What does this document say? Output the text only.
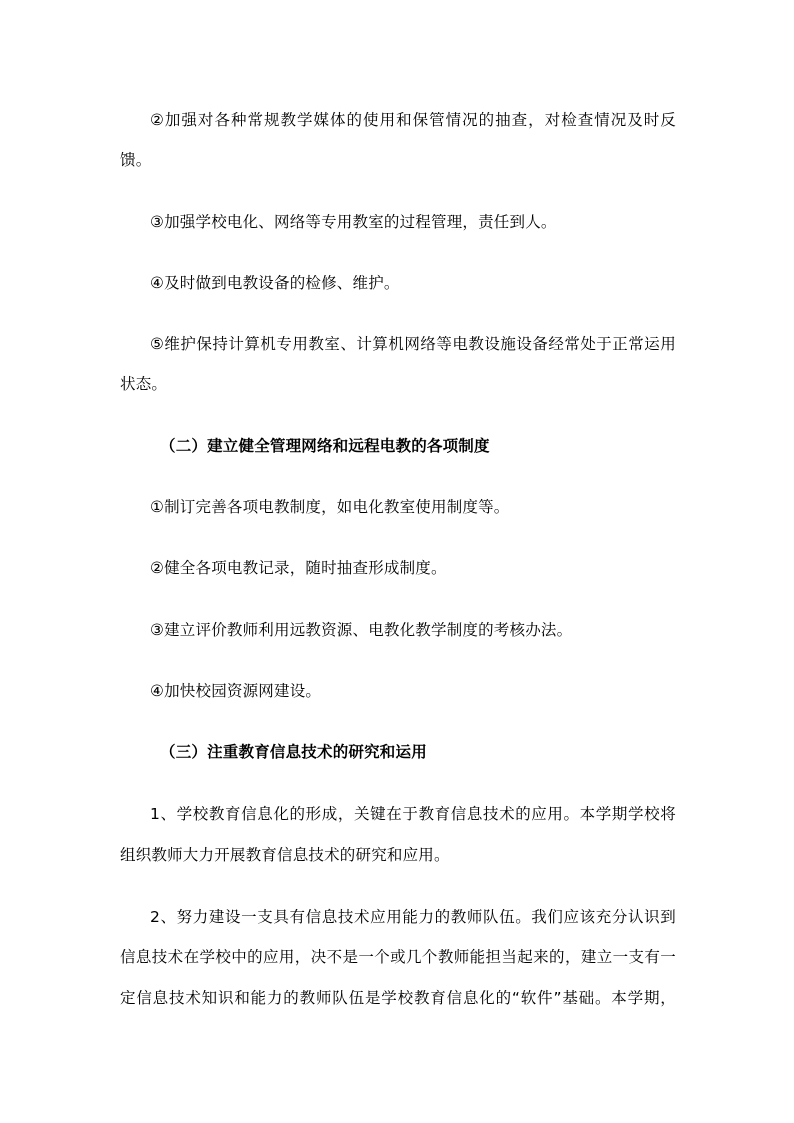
②加强对各种常规教学媒体的使用和保管情况的抽查，对检查情况及时反
馈。
③加强学校电化、网络等专用教室的过程管理，责任到人。
④及时做到电教设备的检修、维护。
⑤维护保持计算机专用教室、计算机网络等电教设施设备经常处于正常运用
状态。
（二）建立健全管理网络和远程电教的各项制度
①制订完善各项电教制度，如电化教室使用制度等。
②健全各项电教记录，随时抽查形成制度。
③建立评价教师利用远教资源、电教化教学制度的考核办法。
④加快校园资源网建设。
（三）注重教育信息技术的研究和运用
1、学校教育信息化的形成，关键在于教育信息技术的应用。本学期学校将
组织教师大力开展教育信息技术的研究和应用。
2、努力建设一支具有信息技术应用能力的教师队伍。我们应该充分认识到
信息技术在学校中的应用，决不是一个或几个教师能担当起来的，建立一支有一
定信息技术知识和能力的教师队伍是学校教育信息化的“软件”基础。本学期，
